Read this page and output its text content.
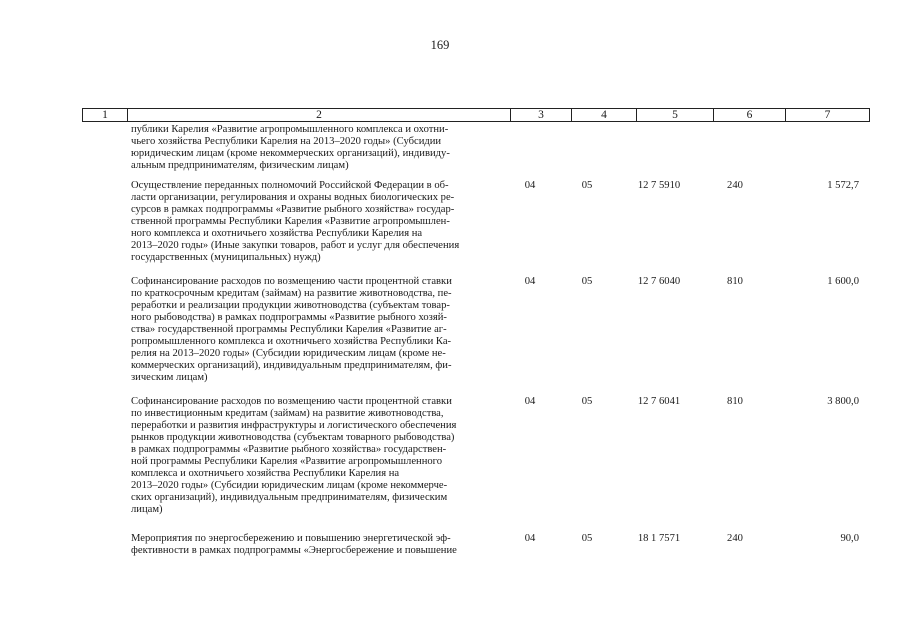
169
1	2	3	4	5	6	7
публики Карелия «Развитие агропромышленного комплекса и охотни-
чьего хозяйства Республики Карелия на 2013–2020 годы» (Субсидии
юридическим лицам (кроме некоммерческих организаций), индивиду-
альным предпринимателям, физическим лицам)
Осуществление переданных полномочий Российской Федерации в об-
ласти организации, регулирования и охраны водных биологических ре-
сурсов в рамках подпрограммы «Развитие рыбного хозяйства» государ-
ственной программы Республики Карелия «Развитие агропромышлен-
ного комплекса и охотничьего хозяйства Республики Карелия на
2013–2020 годы» (Иные закупки товаров, работ и услуг для обеспечения
государственных (муниципальных) нужд)
04	05	12 7 5910	240	1 572,7
Софинансирование расходов по возмещению части процентной ставки
по краткосрочным кредитам (займам) на развитие животноводства, пе-
реработки и реализации продукции животноводства (субъектам товар-
ного рыбоводства) в рамках подпрограммы «Развитие рыбного хозяй-
ства» государственной программы Республики Карелия «Развитие аг-
ропромышленного комплекса и охотничьего хозяйства Республики Ка-
релия на 2013–2020 годы» (Субсидии юридическим лицам (кроме не-
коммерческих организаций), индивидуальным предпринимателям, фи-
зическим лицам)
04	05	12 7 6040	810	1 600,0
Софинансирование расходов по возмещению части процентной ставки
по инвестиционным кредитам (займам) на развитие животноводства,
переработки и развития инфраструктуры и логистического обеспечения
рынков продукции животноводства (субъектам товарного рыбоводства)
в рамках подпрограммы «Развитие рыбного хозяйства» государствен-
ной программы Республики Карелия «Развитие агропромышленного
комплекса и охотничьего хозяйства Республики Карелия на
2013–2020 годы» (Субсидии юридическим лицам (кроме некоммерче-
ских организаций), индивидуальным предпринимателям, физическим
лицам)
04	05	12 7 6041	810	3 800,0
Мероприятия по энергосбережению и повышению энергетической эф-
фективности в рамках подпрограммы «Энергосбережение и повышение
04	05	18 1 7571	240	90,0
